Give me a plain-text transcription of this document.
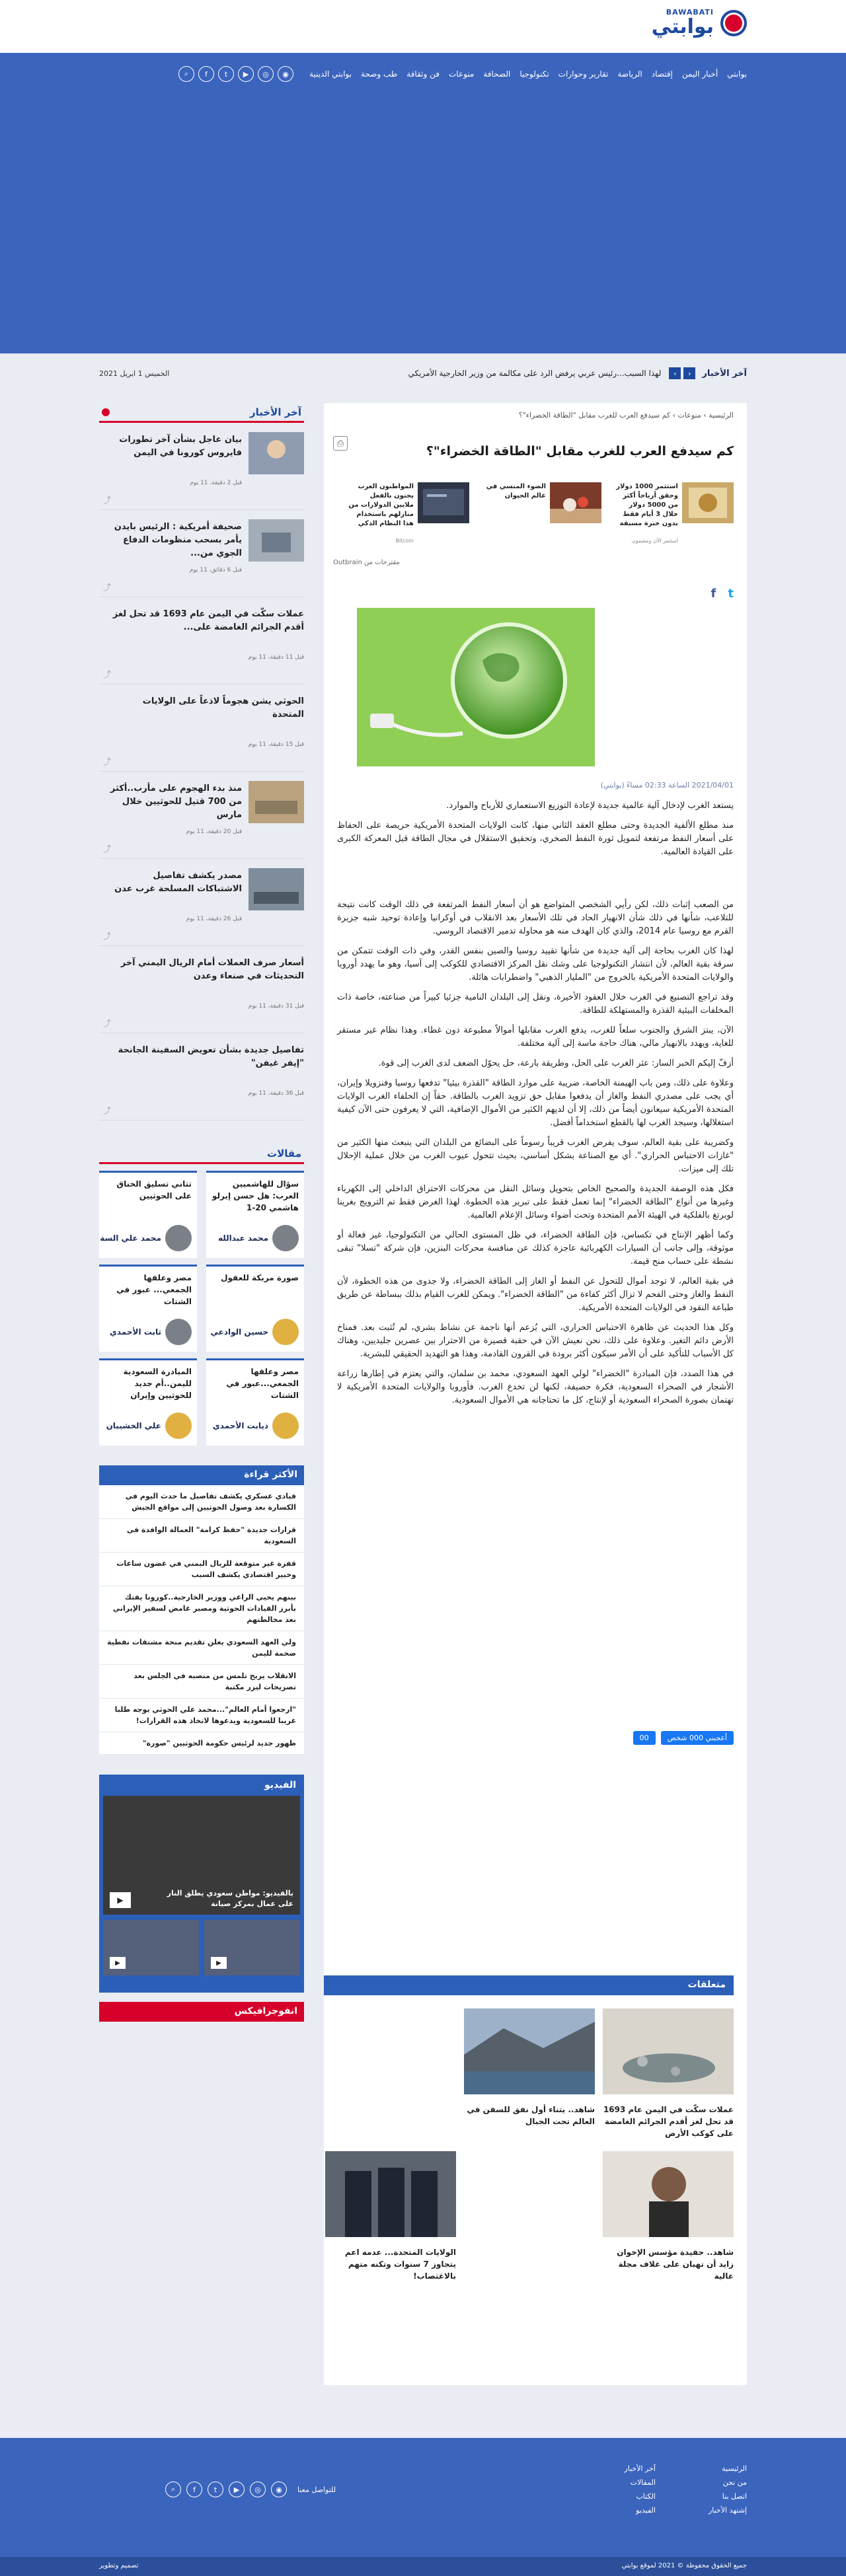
BAWABATI
بوابتي
بوابتي
أخبار اليمن
إقتصاد
الرياضة
تقارير وحوارات
تكنولوجيا
الصحافة
منوعات
فن وثقافة
طب وصحة
بوابتي الدينية
◉
◎
▶
t
f
⌕
آخر الأخبار
‹
›
لهذا السبب...رئيس عربي يرفض الرد على مكالمة من وزير الخارجية الأمريكي
الخميس 1 ابريل 2021
الرئيسية › منوعات › كم سيدفع العرب للغرب مقابل "الطاقة الخضراء"؟
كم سيدفع العرب للغرب مقابل "الطاقة الخضراء"؟
⎙
استثمر 1000 دولار وحقق أرباحاً أكثر من 5000 دولار خلال 3 أيام فقط بدون خبرة مسبقة
استثمر الآن ومضمون
الضوء المنسي في عالم الحيوان
المواطنون العرب يجنون بالفعل ملايين الدولارات من منازلهم باستخدام هذا النظام الذكي
Bitcoin
مقترحات من Outbrain
t
f
2021/04/01 الساعة 02:33 مساءً (بوابتي)

يستعد الغرب لإدخال آلية عالمية جديدة لإعادة التوزيع الاستعماري للأرباح والموارد.

منذ مطلع الألفية الجديدة وحتى مطلع العقد الثاني منها، كانت الولايات المتحدة الأمريكية حريصة على الحفاظ على أسعار النفط مرتفعة لتمويل ثورة النفط الصخري، وتحقيق الاستقلال في مجال الطاقة قبل المعركة الكبرى على القيادة العالمية.

من الصعب إثبات ذلك، لكن رأيي الشخصي المتواضع هو أن أسعار النفط المرتفعة في ذلك الوقت كانت نتيجة للتلاعب، شأنها في ذلك شأن الانهيار الحاد في تلك الأسعار بعد الانقلاب في أوكرانيا وإعادة توحيد شبه جزيرة القرم مع روسيا عام 2014، والذي كان الهدف منه هو محاولة تدمير الاقتصاد الروسي.

لهذا كان الغرب بحاجة إلى آلية جديدة من شأنها تقييد روسيا والصين بنفس القدر، وفي ذات الوقت تتمكن من سرقة بقية العالم، لأن انتشار التكنولوجيا على وشك نقل المركز الاقتصادي للكوكب إلى آسيا، وهو ما يهدد أوروبا والولايات المتحدة الأمريكية بالخروج من "المليار الذهبي" واضطرابات هائلة.

وقد تراجع التصنيع في الغرب خلال العقود الأخيرة، ونقل إلى البلدان النامية جزئيا كبيراً من صناعته، خاصة ذات المخلفات البيئية القذرة والمستهلكة للطاقة.

الآن، يبتز الشرق والجنوب سلعاً للغرب، يدفع الغرب مقابلها أموالاً مطبوعة دون غطاء. وهذا نظام غير مستقر للغاية، ويهدد بالانهيار مالي، هناك حاجة ماسة إلى آلية مختلفة.

أزفّ إليكم الخبر السار: عثر الغرب على الحل، وطريقة بارعة، حل يحوّل الضعف لدى الغرب إلى قوة.

وعلاوة على ذلك، ومن باب الهيمنة الخاصة، ضريبة على موارد الطاقة "القذرة بيئيا" تدفعها روسيا وفنزويلا وإيران، أي يجب على مصدري النفط والغاز أن يدفعوا مقابل حق تزويد الغرب بالطاقة. حقاً إن الحلفاء الغرب الولايات المتحدة الأمريكية سيعانون أيضاً من ذلك، إلا أن لديهم الكثير من الأموال الإضافية، التي لا يعرفون حتى الآن كيفية استغلالها، وسيجد الغرب لها بالقطع استخداماً أفضل.

وكضريبة على بقية العالم، سوف يفرض الغرب قريباً رسوماً على البضائع من البلدان التي ينبعث منها الكثير من "غازات الاحتباس الحراري". أي مع الصناعة بشكل أساسي، بحيث تتحول عيوب الغرب من خلال عملية الإحلال تلك إلى ميزات.

فكل هذه الوصفة الجديدة والصحيح الخاص بتحويل وسائل النقل من محركات الاحتراق الداخلي إلى الكهرباء وغيرها من أنواع "الطاقة الخضراء" إنما تعمل فقط على تبرير هذه الخطوة. لهذا الغرض فقط تم الترويج بغرينا لوبرتغ بالفلكية في الهيئة الأمم المتحدة وتحت أضواء وسائل الإعلام العالمية.

وكما أظهر الإنتاج في تكساس، فإن الطاقة الخضراء، في ظل المستوى الحالي من التكنولوجيا، غير فعالة أو موثوقة، وإلى جانب أن السيارات الكهربائية عاجزة كذلك عن منافسة محركات البنزين، فإن شركة "تسلا" تبقى نشطة على حساب منح قيمة.

في بقية العالم، لا توجد أموال للتحول عن النفط أو الغاز إلى الطاقة الخضراء، ولا جدوى من هذه الخطوة، لأن النفط والغاز وحتى الفحم لا تزال أكثر كفاءة من "الطاقة الخضراء". ويمكن للغرب القيام بذلك ببساطة عن طريق طباعة النقود في الولايات المتحدة الأمريكية.

وكل هذا الحديث عن ظاهرة الاحتباس الحراري، التي يُزعم أنها ناجمة عن نشاط بشري، لم تُثبت بعد. فمناخ الأرض دائم التغير. وعلاوة على ذلك، نحن نعيش الآن في حقبة قصيرة من الاحترار بين عصرين جليديين، وهناك كل الأسباب للتأكيد على أن الأمر سيكون أكثر برودة في القرون القادمة، وهذا هو التهديد الحقيقي للبشرية.

في هذا الصدد، فإن المبادرة "الخضراء" لولي العهد السعودي، محمد بن سلمان، والتي يعتزم في إطارها زراعة الأشجار في الصحراء السعودية، فكرة حصيفة، لكنها لن تخدع الغرب. فأوروبا والولايات المتحدة الأمريكية لا تهتمان بصورة الصحراء السعودية أو لإنتاج، كل ما تحتاجانه هي الأموال السعودية.

أعجبني 000 شخص
00
متعلقات
عملات سكّت في اليمن عام 1693 قد تحل لغز أقدم الجرائم الغامضة على كوكب الأرض
شاهد.. يتناء أول نفق للسفن في العالم تحت الجبال
شاهد.. حفيدة مؤسس الإخوان زايد أن تهبان على غلاف مجلة عالية
الولايات المتحدة... عدمه اعم يتجاوز 7 سنوات وتكنه متهم بالاغتصاب!
آخر الأخبار
بيان عاجل بشأن آخر تطورات فايروس كورونا في اليمن
قبل 2 دقيقة، 11 يوم
⤴
صحيفة أمريكية : الرئيس بايدن يأمر بسحب منظومات الدفاع الجوي من...
قبل 6 دقائق، 11 يوم
⤴
عملات سكّت في اليمن عام 1693 قد تحل لغز أقدم الجرائم الغامضة على...
قبل 11 دقيقة، 11 يوم
⤴
الحوثي يشن هجوماً لاذعاً على الولايات المتحدة
قبل 15 دقيقة، 11 يوم
⤴
منذ بدء الهجوم على مأرب..أكثر من 700 قتيل للحوثيين خلال مارس
قبل 20 دقيقة، 11 يوم
⤴
مصدر يكشف تفاصيل الاشتباكات المسلحة غرب عدن
قبل 26 دقيقة، 11 يوم
⤴
أسعار صرف العملات أمام الريال اليمني آخر التحديثات في صنعاء وعدن
قبل 31 دقيقة، 11 يوم
⤴
تفاصيل جديدة بشأن تعويض السفينة الجانحة "إيفر غيفن"
قبل 36 دقيقة، 11 يوم
⤴
مقالات
سؤال للهاشميين العرب: هل حسن إيرلو هاشمي 20-1
محمد عبدالله
تتاني تسليق الخناق على الحوثيين
محمد علي السة
صورة مربكة للعقول
حسين الوادعي
مصر وعلقها الجمعي... عبور في الشتات
ثابت الأحمدي
مصر وعلقها الجمعي...عبور في الشتات
ذيابت الأحمدي
المبادرة السعودية لليمن..أم جديد للحوثيين وإيران
علي الخشيبان
الأكثر قراءة
قيادي عسكري يكشف تفاصيل ما حدث اليوم في الكسارة بعد وصول الحوثيين إلى مواقع الجيش
قرارات جديدة "حفظ كرامة" العمالة الوافدة في السعودية
قفزة غير متوقعة للريال اليمني في غضون ساعات وخبير اقتصادي يكشف السبب
بينهم يحيى الراعي ووزير الخارجية..كورونا يفتك بأبرز القيادات الحوثية ومصير غامض لسفير الإيراني بعد مخالطتهم
ولي العهد السعودي يعلن تقديم منحة مشتقات نفطية ضخمة لليمن
الانقلاب يربح تلمس من منصبه في الجلس بعد تصريحات ليزر مكتبة
"ارجعوا أمام العالم"...محمد علي الحوثي يوجه طلبا غريبا للسعودية ويدعوها لاتخاذ هذه القرارات!
ظهور جديد لرئيس حكومة الحوثيين "صورة"
الفيديو
▶
بالفيديو: مواطن سعودي يطلق النار على عمال بمركز صيانة
▶
▶
انفوجرافيكس
الرئيسية
من نحن
اتصل بنا
إشتهد الأخبار
آخر الأخبار
المقالات
الكتاب
الفيديو
للتواصل معنا
◉
◎
▶
t
f
⌕
جميع الحقوق محفوظة © 2021 لموقع بوابتي
تصميم وتطوير
